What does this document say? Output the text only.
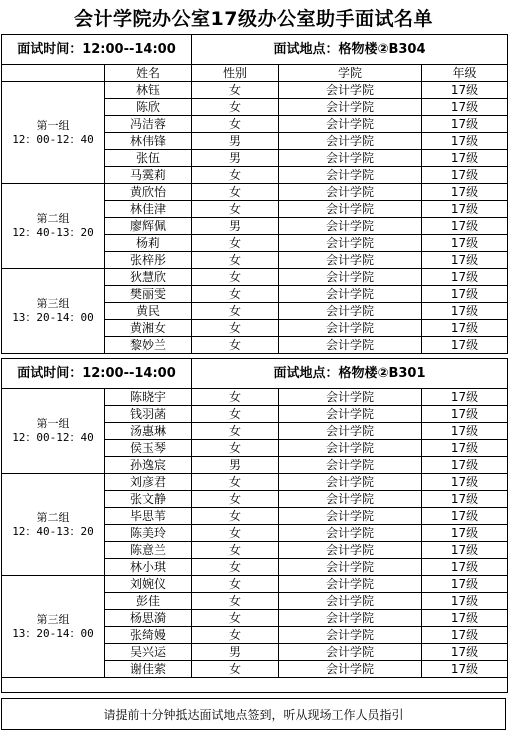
会计学院办公室17级办公室助手面试名单
面试时间：12:00--14:00		面试地点：格物楼②B304		
	姓名	性别	学院	年级

第一组
12：00-12：40	林钰	女	会计学院	17级
	陈欣	女	会计学院	17级
	冯洁蓉	女	会计学院	17级
	林伟锋	男	会计学院	17级
	张伍	男	会计学院	17级
	马霙莉	女	会计学院	17级

第二组
12：40-13：20	黄欣怡	女	会计学院	17级
	林佳津	女	会计学院	17级
	廖辉佩	男	会计学院	17级
	杨莉	女	会计学院	17级
	张梓彤	女	会计学院	17级

第三组
13：20-14：00	狄慧欣	女	会计学院	17级
	樊丽雯	女	会计学院	17级
	黄民	女	会计学院	17级
	黄湘女	女	会计学院	17级
	黎妙兰	女	会计学院	17级
面试时间：12:00--14:00		面试地点：格物楼②B301		

第一组
12：00-12：40	陈晓宇	女	会计学院	17级
	钱羽菡	女	会计学院	17级
	汤惠琳	女	会计学院	17级
	侯玉琴	女	会计学院	17级
	孙逸宸	男	会计学院	17级

第二组
12：40-13：20	刘彦君	女	会计学院	17级
	张文静	女	会计学院	17级
	毕思苇	女	会计学院	17级
	陈美玲	女	会计学院	17级
	陈意兰	女	会计学院	17级
	林小琪	女	会计学院	17级

第三组
13：20-14：00	刘婉仪	女	会计学院	17级
	彭佳	女	会计学院	17级
	杨思漪	女	会计学院	17级
	张绮嫚	女	会计学院	17级
	吴兴运	男	会计学院	17级
	谢佳萦	女	会计学院	17级

请提前十分钟抵达面试地点签到，听从现场工作人员指引
